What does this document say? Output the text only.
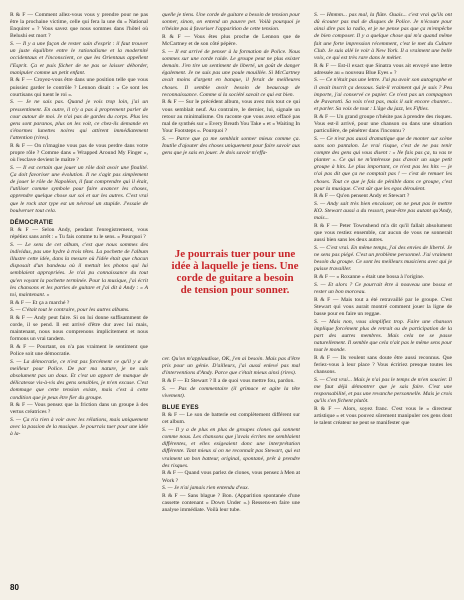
R & F — Comment allez-vous vous y prendre pour ne pas être la prochaine victime, celle qui fera la une du « National Enquirer » ? Vous savez que nous sommes dans l'hôtel où Belushi est mort ?

S. — Il y a une façon de rester sain d'esprit : il faut trouver un juste équilibre entre le rationalisme et la modernité occidentaux et l'inconscient, ce que les Orientaux appellent l'Esprit. Ça et puis fâcher de ne pas se laisser déborder, manipuler comme un petit enfant.

R & F — Croyez-vous être dans une position telle que vous puissiez garder le contrôle ? Lennon disait : « Ce sont les courtisans qui tuent le roi ».

S. — Je ne sais pas. Quand je vois trop loin, j'ai un pressentiment. En outre, il n'y a pas à proprement parler de cour autour de moi. Je n'ai pas de gardes du corps. Plus les gens sont paranos, plus on les voit, ce chez-ils demande en s'énormes lunettes noires qui attirent immédiatement l'attention (rires).

R & F — On n'imagine vous pas de vous perdre dans votre propre rôle ? Comme dans « Wrapped Around My Finger », où l'esclave devient le maître ?

S. — Il est certain que jouer un rôle doit avoir une finalité. Ça doit favoriser une évolution. Il ne s'agit pas simplement de jouer le rôle de Napoléon, il faut comprendre qui il était, l'utiliser comme symbole pour faire avancer les choses, apprendre quelque chose sur soi et sur les autres. C'est vrai que le rock star type est un névrosé un stupide. J'essaie de boulverser tout cela.

DÉMOCRATIE

R & F — Selon Andy, pendant l'enregistrement, vous répétiez sans arrêt : « Tu fais comme tu le sens. » Pourquoi ?

S. — Le sens de cet album, c'est que nous sommes des individus, pas une hydre à trois têtes. La pochette de l'album illustre cette idée, dans la mesure où l'idée était que chacun disposait d'un bandeau où il mettait les photos qui lui semblaient appropriées. Je n'ai pu connaissance du tout qu'en voyant la pochette terminée. Pour la musique, j'ai écrit les chansons et les parties de guitare et j'ai dit à Andy : « A toi, maintenant. »

R & F — Et ça a marché ?

S. — C'était tout le contraire, pour les autres albums.

R & F — Andy peut faire. Si on lui donne suffisamment de corde, il se pend. Il est arrivé d'être dur avec lui mais, maintenant, nous nous comprenons implicitement et nous formons un vrai tandem.

R & F — Pourtant, on n'a pas vraiment le sentiment que Police soit une démocratie.

S. — La démocratie, ce n'est pas forcément ce qu'il y a de meilleur pour Police. De par ma nature, je ne suis absolument pas un doux. Et c'est un apport de manque de délicatesse vis-à-vis des gens sensibles, je m'en excuse. C'est dommage que cette tension existe, mais c'est à cette condition que je peux être fier du groupe.

R & F — Vous pensez que la friction dans un groupe à des vertus créatrices ?

S. — Ça n'a rien à voir avec les rélations, mais uniquement avec la passion de la musique. Je pourrais tuer pour une idée à la-

quelle je tiens. Une corde de guitare a besoin de tension pour sonner, sinon, on entend un pauvre pet. Voilà pourquoi je n'hésite pas à favoriser l'apparition de cette tension.

R & F — Vous êtes plus proche de Lennon que de McCartney et de son côté pépère.

S. — Il est arrivé de penser à la formation de Police. Nous sommes sur une corde raide. Le groupe peut ne plus exister demain. J'en tire un sentiment de liberté, un goût de danger également. Je ne suis pas une poule mouillée. Si McCartney avait moins d'argent en banque, il ferait de meilleures choses. Il semble avoir besoin de beaucoup de reconnaissance. Comme si la société savait ce qui est bien.

R & F — Sur le précédent album, vous avez mis tout ce qui vous semblait neuf. Au contraire, le dernier, lui, signale un retour au minimalisme. On raconte que vous avez effacé pas mal de synthés sur « Every Breath You Take » et « Waiting In Your Footsteps ». Pourquoi ?

S. — Parce que ça me semblait sonner mieux comme ça. Inutile d'ajouter des choses uniquement pour faire savoir aux gens que je sais en jouer. Je dois savoir m'effa-

Je pourrais tuer pour une idée à laquelle je tiens. Une corde de guitare a besoin de tension pour sonner.

cer. Qu'on m'applaudisse, OK, j'en ai besoin. Mais pas d'être pris pour un génie. D'ailleurs, j'ai aussi enlevé pas mal d'interventions d'Andy. Parce que c'était mieux ainsi (rires).

R & F — Et Stewart ? Il a de quoi vous mettre fou, pardon.

S. — Pas de commentaire (il grimace et agite la tête vivement).

BLUE EYES

R & F — Le son de batterie est complètement différent sur cet album.

S. — Il y a de plus en plus de groupes clones qui sonnent comme nous. Les chansons que j'avais écrites me semblaient différentes, et elles exigeaient donc une interprétation différente. Tant mieux si on ne reconnaît pas Stewart, qui est vraiment un bon batteur, original, spontané, prêt à prendre des risques.

R & F — Quand vous parlez de clones, vous pensez à Men at Work ?

S. — Je n'ai jamais rien entendu d'eux.

R & F — Sans blague ? Bon. (Apparition spontanée d'une cassette contenant « Down Under ».) Ressens-en faire une analyse immédiate. Voilà leur tube.

S. — Hmmm... pas mal, la flûte. Ouais... c'est vrai qu'ils ont dû écouter pas mal de disques de Police. Je n'écoute pour ainsi dire pas la radio, et je ne pense pas que ça m'empêche de bien composer. Il y a quelque chose qui m'a quand même fait une forte impression récemment, c'est le met du Culture Club. Je suis allé le voir à New York. Il a vraiment une belle voix, ce qui est très rare dans le métier.

R & F — Est-il exact que Sinatra vous ait envoyé une lettre adressée au « nouveau Blue Eyes » ?

S. — Ce n'était pas une lettre. J'ai pu avoir son autographe et il avait inscrit ça dessous. Sait-il vraiment qui je suis ? Peu importe, j'ai conservé ce papier. Ce n'est pas un compagnon de Pavarotti. Sa voix n'est pas, mais il sait encore chanter... et parler. Sa voix de tout : L'âge du jazz, les Fifties.

R & F — Un grand groupe n'hésite pas à prendre des risques. Vous est-il arrivé, pour une chanson ou dans une situation particulière, de pénétrer dans l'inconnu ?

S. — Ce n'est pas aussi dramatique que de monter sur scène sans son pantalon. Le vrai risque, c'est de ne pas tenir compte des gens qui vous disent : « Ne fais pas ça, tu vas te planter ». Ce qui ne m'intéresse pas d'avoir un sage petit groupe à hits. Le plus important, ce n'est pas les hits — je n'ai pas dit que ça ne comptait pas ! — c'est de remuer les choses. Tout ce que je fais de pénible dans ce groupe, c'est pour la musique. C'est sûr que les egos déroulent.

R & F — Qu'en pensent Andy et Stewart ?

S. — Andy sait très bien encaisser, on ne peut pas le mettre KO. Stewart aussi a du ressort, peut-être pas autant qu'Andy, mais...

R & F — Peter Townshend m'a dit qu'il fallait absolument que vous restiez ensemble, car aucun de vous ne sonnerait aussi bien sans les deux autres.

S. — C'est vrai. En même temps, j'ai des envies de liberté. Je ne sens pas piégé. C'est un problème personnel. J'ai vraiment besoin du groupe. Ce sont les meilleurs musiciens avec qui je puisse travailler.

R & F — « Roxanne » était une bossa à l'origine.

S. — Et alors ? Ce pourrait être à nouveau une bossa et rester un bon morceau.

R & F — Mais tout a été retravaillé par le groupe. C'est Stewart qui vous aurait montré comment jouer la ligne de basse pour en faire un reggae.

S. — Mais non, vous simplifiez trop. Faire une chanson implique forcément plus de retrait ou de participation de la part des autres membres. Mais cela ne se passe naturellement. Il semble que cela n'ait pas le même sens pour tout le monde.

R & F — Ils veulent sans doute être aussi reconnus. Que feriez-vous à leur place ? Vous écririez presque toutes les chansons.

S. — C'est vrai... Mais je n'ai pas le temps de m'en soucier. Il me faut déjà démontrer que je sais faire. C'est une responsabilité, et pas une revanche personnelle. Mais je crois qu'ils s'en fichent plutôt.

R & F — Alors, soyez franc. C'est vous le « directeur artistique » et vous pouvez sûrement manipuler ces gens dont le talent créateur ne peut se manifester que

80
